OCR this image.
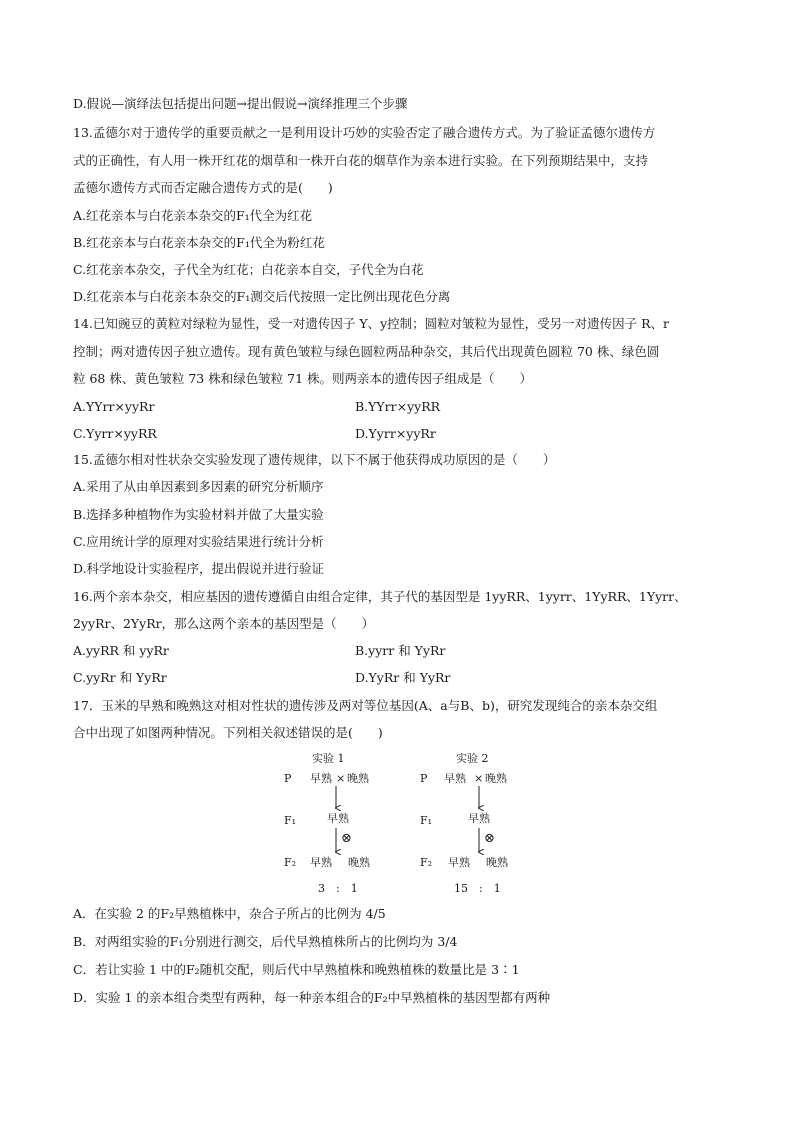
D.假说—演绎法包括提出问题→提出假说→演绎推理三个步骤
13.孟德尔对于遗传学的重要贡献之一是利用设计巧妙的实验否定了融合遗传方式。为了验证孟德尔遗传方
式的正确性，有人用一株开红花的烟草和一株开白花的烟草作为亲本进行实验。在下列预期结果中，支持
孟德尔遗传方式而否定融合遗传方式的是(　　)
A.红花亲本与白花亲本杂交的F₁代全为红花
B.红花亲本与白花亲本杂交的F₁代全为粉红花
C.红花亲本杂交，子代全为红花；白花亲本自交，子代全为白花
D.红花亲本与白花亲本杂交的F₁测交后代按照一定比例出现花色分离
14.已知豌豆的黄粒对绿粒为显性，受一对遗传因子 Y、y控制；圆粒对皱粒为显性，受另一对遗传因子 R、r
控制；两对遗传因子独立遗传。现有黄色皱粒与绿色圆粒两品种杂交，其后代出现黄色圆粒 70 株、绿色圆
粒 68 株、黄色皱粒 73 株和绿色皱粒 71 株。则两亲本的遗传因子组成是（　　）
A.YYrr×yyRr	B.YYrr×yyRR
C.Yyrr×yyRR	D.Yyrr×yyRr
15.孟德尔相对性状杂交实验发现了遗传规律，以下不属于他获得成功原因的是（　　）
A.采用了从由单因素到多因素的研究分析顺序
B.选择多种植物作为实验材料并做了大量实验
C.应用统计学的原理对实验结果进行统计分析
D.科学地设计实验程序，提出假说并进行验证
16.两个亲本杂交，相应基因的遗传遵循自由组合定律，其子代的基因型是 1yyRR、1yyrr、1YyRR、1Yyrr、
2yyRr、2YyRr，那么这两个亲本的基因型是（　　）
A.yyRR 和 yyRr	B.yyrr 和 YyRr
C.yyRr 和 YyRr	D.YyRr 和 YyRr
17．玉米的早熟和晚熟这对相对性状的遗传涉及两对等位基因(A、a与B、b)，研究发现纯合的亲本杂交组
合中出现了如图两种情况。下列相关叙述错误的是(　　)
实验 1	实验 2
P 早熟 × 晚熟	P 早熟 × 晚熟
F₁	早熟	F₁	早熟
⊗	⊗
F₂ 早熟 晚熟	F₂ 早熟 晚熟
3　:　1	15　:　1
A．在实验 2 的F₂早熟植株中，杂合子所占的比例为 4/5
B．对两组实验的F₁分别进行测交，后代早熟植株所占的比例均为 3/4
C．若让实验 1 中的F₂随机交配，则后代中早熟植株和晚熟植株的数量比是 3∶1
D．实验 1 的亲本组合类型有两种，每一种亲本组合的F₂中早熟植株的基因型都有两种
